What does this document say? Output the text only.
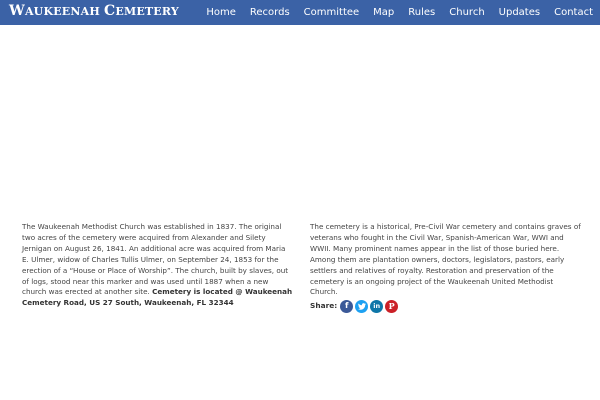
WAUKEENAH CEMETERY	Home	Records	Committee	Map	Rules	Church	Updates	Contact
The Waukeenah Methodist Church was established in 1837. The original two acres of the cemetery were acquired from Alexander and Silety Jernigan on August 26, 1841. An additional acre was acquired from Maria E. Ulmer, widow of Charles Tullis Ulmer, on September 24, 1853 for the erection of a “House or Place of Worship”. The church, built by slaves, out of logs, stood near this marker and was used until 1887 when a new church was erected at another site. Cemetery is located @ Waukeenah Cemetery Road, US 27 South, Waukeenah, FL 32344
The cemetery is a historical, Pre-Civil War cemetery and contains graves of veterans who fought in the Civil War, Spanish-American War, WWI and WWII. Many prominent names appear in the list of those buried here. Among them are plantation owners, doctors, legislators, pastors, early settlers and relatives of royalty. Restoration and preservation of the cemetery is an ongoing project of the Waukeenah United Methodist Church.
Share: f	in P
